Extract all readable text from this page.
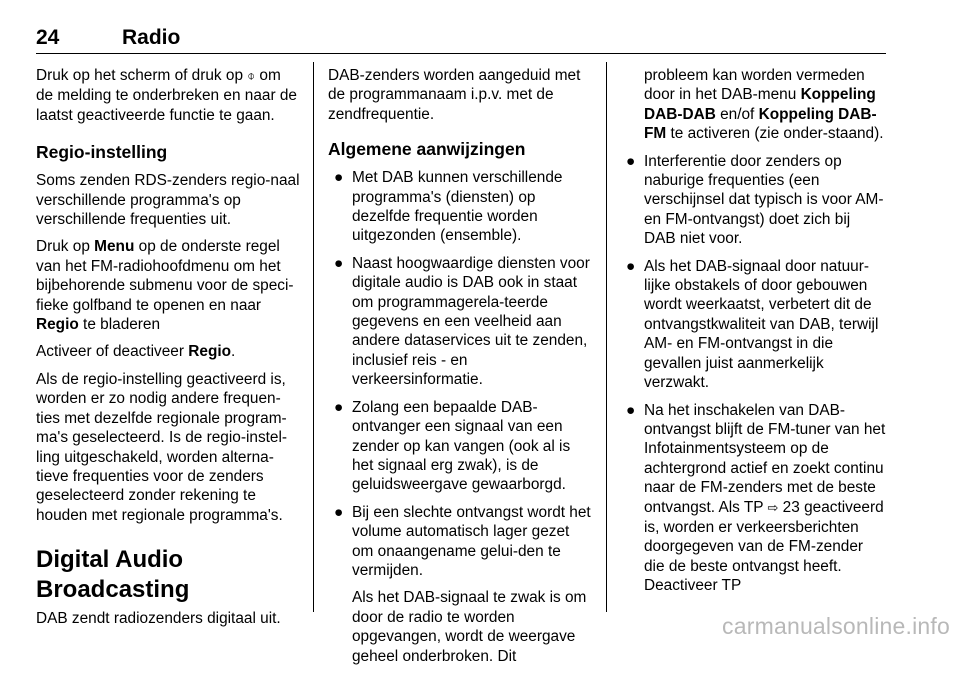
24	Radio

Druk op het scherm of druk op ⌽ om de melding te onderbreken en naar de laatst geactiveerde functie te gaan.

Regio-instelling

Soms zenden RDS-zenders regio-naal verschillende programma's op verschillende frequenties uit.

Druk op Menu op de onderste regel van het FM-radiohoofdmenu om het bijbehorende submenu voor de speci-fieke golfband te openen en naar Regio te bladeren

Activeer of deactiveer Regio.

Als de regio-instelling geactiveerd is, worden er zo nodig andere frequen-ties met dezelfde regionale program-ma's geselecteerd. Is de regio-instel-ling uitgeschakeld, worden alterna-tieve frequenties voor de zenders geselecteerd zonder rekening te houden met regionale programma's.

Digital Audio Broadcasting

DAB zendt radiozenders digitaal uit.

DAB-zenders worden aangeduid met de programmanaam i.p.v. met de zendfrequentie.

Algemene aanwijzingen
● Met DAB kunnen verschillende programma's (diensten) op dezelfde frequentie worden uitgezonden (ensemble).
● Naast hoogwaardige diensten voor digitale audio is DAB ook in staat om programmagerela-teerde gegevens en een veelheid aan andere dataservices uit te zenden, inclusief reis - en verkeersinformatie.
● Zolang een bepaalde DAB-ontvanger een signaal van een zender op kan vangen (ook al is het signaal erg zwak), is de geluidsweergave gewaarborgd.
● Bij een slechte ontvangst wordt het volume automatisch lager gezet om onaangename gelui-den te vermijden.
Als het DAB-signaal te zwak is om door de radio te worden opgevangen, wordt de weergave geheel onderbroken. Dit
probleem kan worden vermeden door in het DAB-menu Koppeling DAB-DAB en/of Koppeling DAB-FM te activeren (zie onder-staand).
● Interferentie door zenders op naburige frequenties (een verschijnsel dat typisch is voor AM- en FM-ontvangst) doet zich bij DAB niet voor.
● Als het DAB-signaal door natuur-lijke obstakels of door gebouwen wordt weerkaatst, verbetert dit de ontvangstkwaliteit van DAB, terwijl AM- en FM-ontvangst in die gevallen juist aanmerkelijk verzwakt.
● Na het inschakelen van DAB-ontvangst blijft de FM-tuner van het Infotainmentsysteem op de achtergrond actief en zoekt continu naar de FM-zenders met de beste ontvangst. Als TP ⇨ 23 geactiveerd is, worden er verkeersberichten doorgegeven van de FM-zender die de beste ontvangst heeft. Deactiveer TP
carmanualsonline.info
